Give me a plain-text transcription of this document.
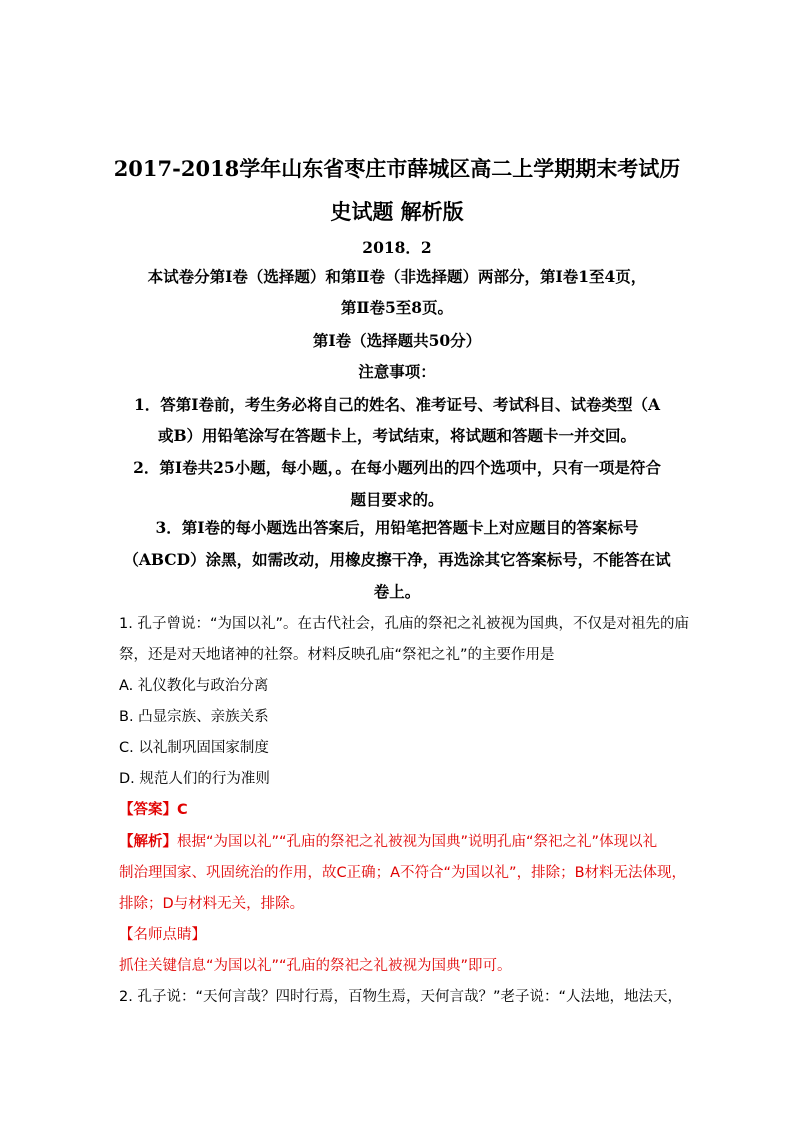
2017-2018学年山东省枣庄市薛城区高二上学期期末考试历
史试题 解析版
2018．2
本试卷分第Ⅰ卷（选择题）和第Ⅱ卷（非选择题）两部分，第Ⅰ卷1至4页，
第Ⅱ卷5至8页。
第Ⅰ卷（选择题共50分）
注意事项：
1．答第Ⅰ卷前，考生务必将自己的姓名、准考证号、考试科目、试卷类型（A
或B）用铅笔涂写在答题卡上，考试结束，将试题和答题卡一并交回。
2．第Ⅰ卷共25小题，每小题，。在每小题列出的四个选项中，只有一项是符合
题目要求的。
3．第Ⅰ卷的每小题选出答案后，用铅笔把答题卡上对应题目的答案标号
（ABCD）涂黑，如需改动，用橡皮擦干净，再选涂其它答案标号，不能答在试
卷上。
1. 孔子曾说：“为国以礼”。在古代社会，孔庙的祭祀之礼被视为国典，不仅是对祖先的庙
祭，还是对天地诸神的社祭。材料反映孔庙“祭祀之礼”的主要作用是
A. 礼仪教化与政治分离
B. 凸显宗族、亲族关系
C. 以礼制巩固国家制度
D. 规范人们的行为准则
【答案】C
【解析】根据“为国以礼”“孔庙的祭祀之礼被视为国典”说明孔庙“祭祀之礼”体现以礼
制治理国家、巩固统治的作用，故C正确；A不符合“为国以礼”，排除；B材料无法体现，
排除；D与材料无关，排除。
【名师点睛】
抓住关键信息“为国以礼”“孔庙的祭祀之礼被视为国典”即可。
2. 孔子说：“天何言哉？四时行焉，百物生焉，天何言哉？”老子说：“人法地，地法天，
